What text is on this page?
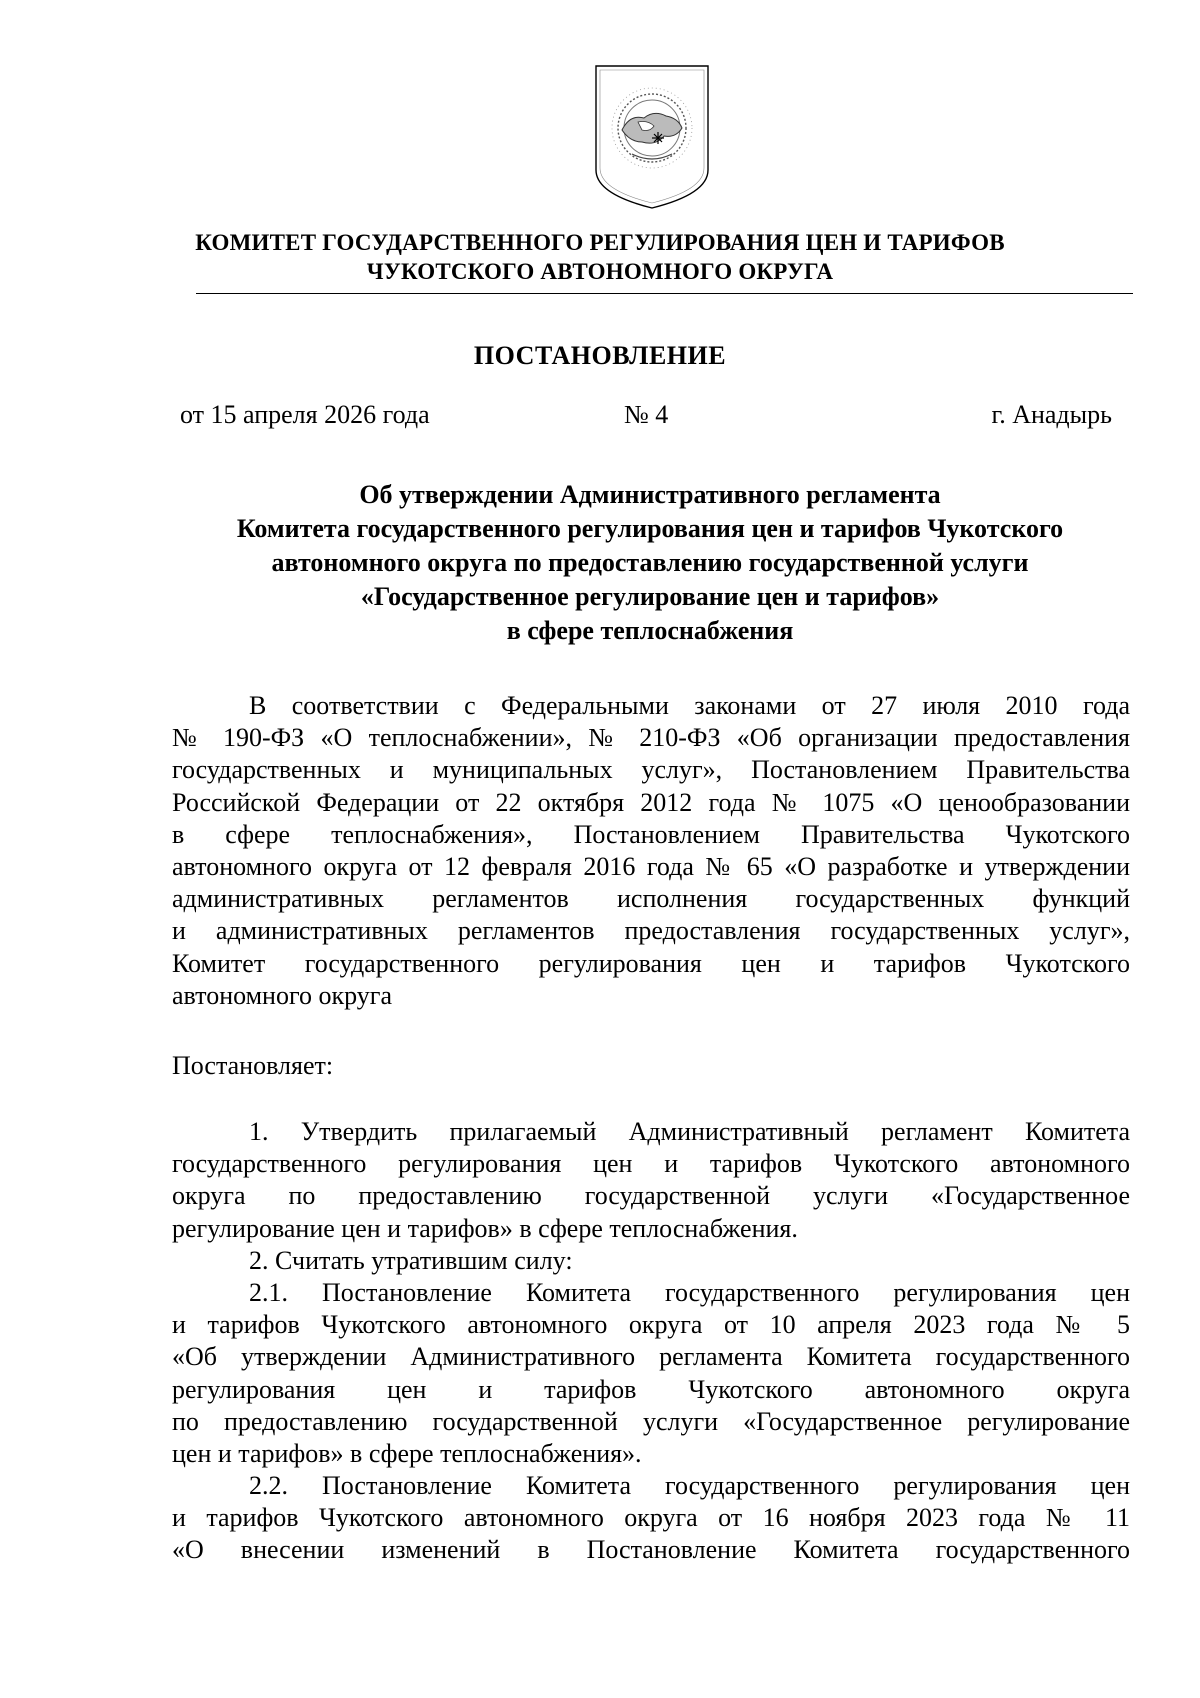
КОМИТЕТ ГОСУДАРСТВЕННОГО РЕГУЛИРОВАНИЯ ЦЕН И ТАРИФОВ
ЧУКОТСКОГО АВТОНОМНОГО ОКРУГА
ПОСТАНОВЛЕНИЕ
от 15 апреля 2026 года	№ 4	г. Анадырь
Об утверждении Административного регламента
Комитета государственного регулирования цен и тарифов Чукотского
автономного округа по предоставлению государственной услуги
«Государственное регулирование цен и тарифов»
в сфере теплоснабжения
В соответствии с Федеральными законами от 27 июля 2010 года
№ 190-ФЗ «О теплоснабжении», № 210-ФЗ «Об организации предоставления
государственных и муниципальных услуг», Постановлением Правительства
Российской Федерации от 22 октября 2012 года № 1075 «О ценообразовании
в сфере теплоснабжения», Постановлением Правительства Чукотского
автономного округа от 12 февраля 2016 года № 65 «О разработке и утверждении
административных регламентов исполнения государственных функций
и административных регламентов предоставления государственных услуг»,
Комитет государственного регулирования цен и тарифов Чукотского
автономного округа
Постановляет:
1. Утвердить прилагаемый Административный регламент Комитета
государственного регулирования цен и тарифов Чукотского автономного
округа по предоставлению государственной услуги «Государственное
регулирование цен и тарифов» в сфере теплоснабжения.
2. Считать утратившим силу:
2.1. Постановление Комитета государственного регулирования цен
и тарифов Чукотского автономного округа от 10 апреля 2023 года № 5
«Об утверждении Административного регламента Комитета государственного
регулирования цен и тарифов Чукотского автономного округа
по предоставлению государственной услуги «Государственное регулирование
цен и тарифов» в сфере теплоснабжения».
2.2. Постановление Комитета государственного регулирования цен
и тарифов Чукотского автономного округа от 16 ноября 2023 года № 11
«О внесении изменений в Постановление Комитета государственного
